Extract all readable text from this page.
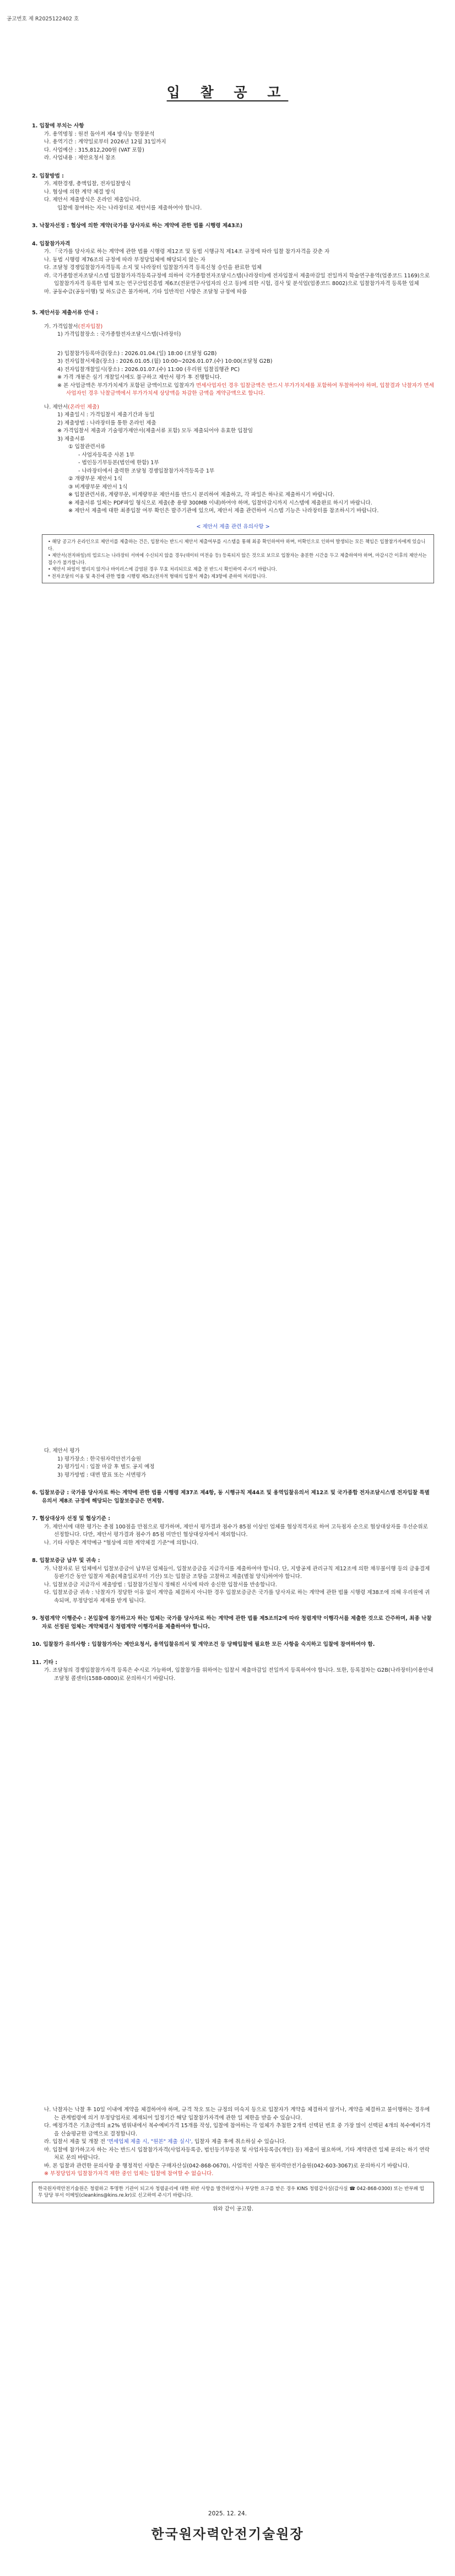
공고번호 제 R2025122402 호
입 찰 공 고

1. 입찰에 부치는 사항

가. 용역명칭 : 원전 돌아져 제4 방식능 현장분석

나. 용역기간 : 계약일로부터 2026년 12월 31일까지

다. 사업예산 : 315,812,200원 (VAT 포함)

라. 사업내용 : 제안요청서 참조

2. 입찰방법 :

가. 제한경쟁, 총액입찰, 전자입찰방식

나. 협상에 의한 계약 체결 방식

다. 제안서 제출방식은 온라인 제출입니다.

입찰에 참여하는 자는 나라장터로 제안서를 제출하여야 합니다.

3. 낙찰자선정 : 협상에 의한 계약(국가를 당사자로 하는 계약에 관한 법률 시행령 제43조)

4. 입찰참가자격

가. 「국가를 당사자로 하는 계약에 관한 법률 시행령 제12조 및 동법 시행규칙 제14조 규정에 따라 입찰 참가자격을 갖춘 자

나. 동법 시행령 제76조의 규정에 따라 부정당업체에 해당되지 않는 자

다. 조달청 경쟁입찰참가자격등록 소지 및 나라장터 입찰참가자격 등록신청 승인을 완료한 업체

라. 국가종합전자조달시스템 입찰참가자격등록규정에 의하여 국가종합전자조달시스템(나라장터)에 전자입찰서 제출마감일 전일까지 학술연구용역(업종코드 1169)으로 입찰참가자격 등록한 업체 또는 연구산업진흥법 제6조(전문연구사업자의 신고 등)에 의한 시험, 검사 및 분석업(업종코드 8002)으로 입찰참가자격 등록한 업체

마. 공동수급(공동이행) 및 하도급은 불가하며, 기타 일반적인 사항은 조달청 규정에 따름

5. 제안서등 제출서류 안내 :

가. 가격입찰서(전자입찰)

1) 가격입찰장소 : 국가종합전자조달시스템(나라장터)

2) 입찰참가등록마감(장소) : 2026.01.04.(일) 18:00 (조달청 G2B)

3) 전자입찰서제출(장소) : 2026.01.05.(월) 10:00~2026.01.07.(수) 10:00(조달청 G2B)

4) 전자입찰개찰일시(장소) : 2026.01.07.(수) 11:00 (우리원 입찰집행관 PC)

※ 가격 개봉은 심기 개찰일시에도 불구하고 제안서 평가 후 진행합니다.

※ 본 사업금액은 부가가치세가 포함된 금액이므로 입찰자가 면세사업자인 경우 입찰금액은 반드시 부가가치세를 포함하여 투찰하여야 하며, 입찰결과 낙찰자가 면세사업자인 경우 낙찰금액에서 부가가치세 상당액을 차감한 금액을 계약금액으로 합니다.

나. 제안서(온라인 제출)

1) 제출일시 : 가격입찰서 제출기간과 동일

2) 제출방법 : 나라장터를 통한 온라인 제출

※ 가격입찰서 제출과 기술평가제안서(제출서류 포함) 모두 제출되어야 유효한 입찰임

3) 제출서류

① 입찰관련서류

- 사업자등록증 사본 1부

- 법인등기부등본(법인에 한함) 1부

- 나라장터에서 출력한 조달청 경쟁입찰참가자격등록증 1부

② 개량부문 제안서 1식

③ 비계량부문 제안서 1식

※ 입찰관련서류, 계량부문, 비계량부문 제안서를 반드시 분리하여 제출하고, 각 파일은 하나로 제출하시기 바랍니다.

※ 제출서류 일체는 PDF파일 형식으로 제출(총 용량 300MB 이내)하여야 하며, 입찰마감시까지 시스템에 제출완료 하시기 바랍니다.

※ 제안서 제출에 대한 최종입찰 여부 확인은 발주기관에 있으며, 제안서 제출 관련하여 시스템 기능은 나라장터를 참조하시기 바랍니다.

< 제안서 제출 관련 유의사항 >

• 해당 공고가 온라인으로 제안서를 제출하는 건은, 입찰자는 반드시 제안서 제출여부를 시스템을 통해 최종 확인하여야 하며, 미확인으로 인하여 발생되는 모든 책임은 입찰참가자에게 있습니다.

• 제안서(전자파일)의 업로드는 나라장터 서버에 수신되지 않을 경우(데이터 미전송 등) 등록되지 않은 것으로 보므로 입찰자는 충분한 시간을 두고 제출하여야 하며, 마감시간 이후의 제안서는 접수가 불가합니다.

• 제안서 파일이 열리지 않거나 바이러스에 감염된 경우 무효 처리되므로 제출 전 반드시 확인하여 주시기 바랍니다.

* 전자조달의 이용 및 촉진에 관한 법률 시행령 제5조(전자적 형태의 입찰서 제출) 제3항에 준하여 처리합니다.

다. 제안서 평가

1) 평가장소 : 한국원자력안전기술원

2) 평가일시 : 입찰 마감 후 별도 공지 예정

3) 평가방법 : 대면 발표 또는 서면평가

6. 입찰보증금 : 국가를 당사자로 하는 계약에 관한 법률 시행령 제37조 제4항, 동 시행규칙 제44조 및 용역입찰유의서 제12조 및 국가종합 전자조달시스템 전자입찰 특별유의서 제8조 규정에 해당되는 입찰보증금은 면제함.

7. 협상대상자 선정 및 협상기준 :

가. 제안서에 대한 평가는 총점 100점을 만점으로 평가하며, 제안서 평가결과 점수가 85점 이상인 업체를 협상적격자로 하여 고득점자 순으로 협상대상자를 우선순위로 선정합니다. 다만, 제안서 평가결과 점수가 85점 미만인 협상대상자에서 제외합니다.

나. 기타 사항은 계약예규 "협상에 의한 계약체결 기준"에 의합니다.

8. 입찰보증금 납부 및 귀속 :

가. 낙찰자로 된 업체에서 입찰보증금이 납부된 업체들이, 입찰보증금을 지급각서를 제출하여야 합니다. 단, 지방공제 관리규칙 제12조에 의한 채무불이행 등의 금융결제 등판기간 동안 입찰자 제출(제출일로부터 기산) 또는 입찰금 조항을 고찰하고 제출(별첨 양식)하여야 합니다.

나. 입찰보증금 지급각서 제출방법 : 입찰참가신청시 정해진 서식에 따라 송신한 입찰서를 반송합니다.

다. 입찰보증금 귀속 : 낙찰자가 정당한 이유 없이 계약을 체결하지 아니한 경우 입찰보증금은 국가를 당사자로 하는 계약에 관한 법률 시행령 제38조에 의해 우리원에 귀속되며, 부정당업자 제재를 받게 됩니다.

9. 청렴계약 이행준수 : 본입찰에 참가하고자 하는 업체는 국가를 당사자로 하는 계약에 관한 법률 제5조의2에 따라 청렴계약 이행각서를 제출한 것으로 간주하며, 최종 낙찰자로 선정된 업체는 계약체결시 청렴계약 이행각서를 제출하여야 합니다.

10. 입찰참가 유의사항 : 입찰참가자는 제안요청서, 용역입찰유의서 및 계약조건 등 당해입찰에 필요한 모든 사항을 숙지하고 입찰에 참여하여야 함.

11. 기타 :

가. 조달청의 경쟁입찰참가자격 등록은 수시로 가능하며, 입찰참가를 위하여는 입찰서 제출마감일 전일까지 등록하여야 합니다. 또한, 등록절차는 G2B(나라장터)이용안내 조달청 콜센터(1588-0800)로 문의하시기 바랍니다.

나. 낙찰자는 낙찰 후 10일 이내에 계약을 체결하여야 하며, 규격 착오 또는 규정의 미숙지 등으로 입찰자가 계약을 체결하지 않거나, 계약을 체결하고 불이행하는 경우에는 관계법령에 의거 부정당업자로 제재되어 일정기간 해당 입찰참가자격에 관한 일 제한을 받을 수 있습니다.

다. 예정가격은 기초금액의 ±2% 범위내에서 복수예비가격 15개를 작성, 입찰에 참여하는 각 업체가 추첨한 2개씩 선택된 번호 중 가장 많이 선택된 4개의 복수예비가격을 산술평균한 금액으로 결정합니다.

라. 입찰서 제출 및 개찰 전 '면세업체 제출 시, "원본" 제출 실시', 입찰자 제출 후에 취소하실 수 있습니다.

마. 입찰에 참가하고자 하는 자는 반드시 입찰참가자격(사업자등록증, 법인등기부등본 및 사업자등록증(개인) 등) 제출이 필요하며, 기타 계약관련 일체 문의는 하기 연락처로 문의 바랍니다.

바. 본 입찰과 관련한 문의사항 중 행정적인 사항은 구매자산실(042-868-0670), 사업적인 사항은 원자력안전기술원(042-603-3067)로 문의하시기 바랍니다.

※ 부정당업자 입찰참가자격 제한 중인 업체는 입찰에 참여할 수 없습니다.

한국원자력안전기술원은 청렴하고 투명한 기관이 되고자 청렴윤리에 대한 위반 사항을 발견하였거나 부당한 요구를 받은 경우 KINS 청렴감사실(감사실 ☎ 042-868-0300) 또는 반부패 업무 담당 부서 이메일(cleankins@kins.re.kr)로 신고하여 주시기 바랍니다.

위와 같이 공고함.

2025. 12. 24.
한국원자력안전기술원장
